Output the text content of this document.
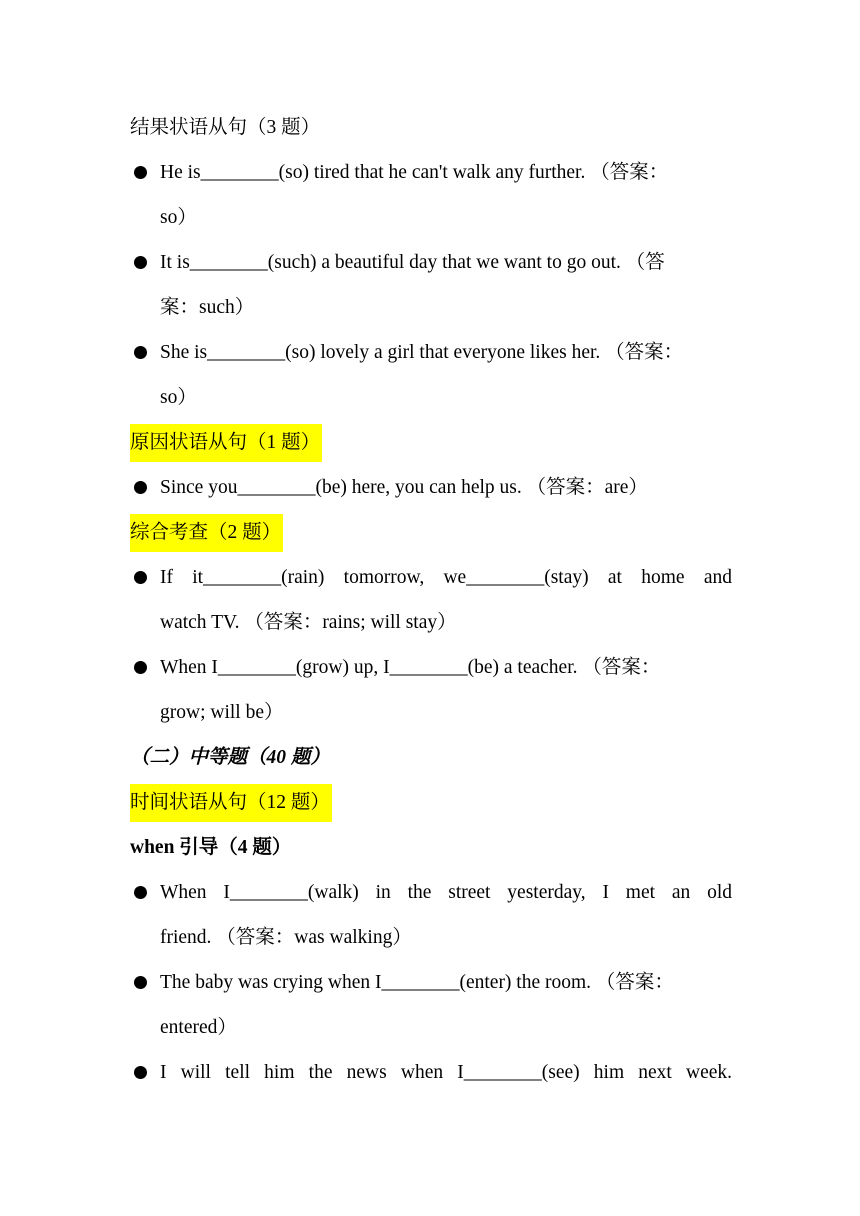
结果状语从句（3 题）
He is________(so) tired that he can't walk any further. （答案：
so）
It is________(such) a beautiful day that we want to go out. （答
案：such）
She is________(so) lovely a girl that everyone likes her. （答案：
so）
原因状语从句（1 题）
Since you________(be) here, you can help us. （答案：are）
综合考查（2 题）
If it________(rain) tomorrow, we________(stay) at home and
watch TV. （答案：rains; will stay）
When I________(grow) up, I________(be) a teacher. （答案：
grow; will be）
（二）中等题（40 题）
时间状语从句（12 题）
when 引导（4 题）
When I________(walk) in the street yesterday, I met an old
friend. （答案：was walking）
The baby was crying when I________(enter) the room. （答案：
entered）
I will tell him the news when I________(see) him next week.
